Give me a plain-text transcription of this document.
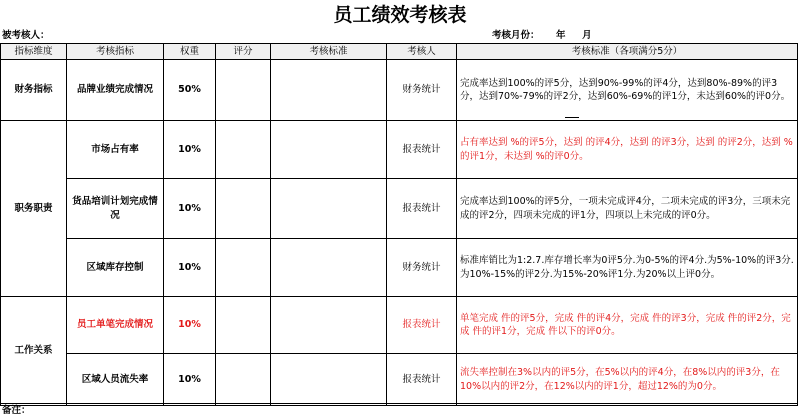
员工绩效考核表
被考核人：	考核月份：     年     月
指标维度	考核指标	权重	评分	考核标准	考核人	考核标准（各项满分5分）
财务指标	品牌业绩完成情况	50%			财务统计	完成率达到100%的评5分，达到90%-99%的评4分，达到80%-89%的评3分，达到70%-79%的评2分，达到60%-69%的评1分，未达到60%的评0分。
职务职责	市场占有率	10%			报表统计	占有率达到 %的评5分，达到 的评4分，达到 的评3分，达到 的评2分，达到 %的评1分，未达到 %的评0分。
	货品培训计划完成情况	10%			报表统计	完成率达到100%的评5分，一项未完成评4分，二项未完成的评3分，三项未完成的评2分，四项未完成的评1分，四项以上未完成的评0分。
	区域库存控制	10%			财务统计	标准库销比为1:2.7.库存增长率为0评5分.为0-5%的评4分.为5%-10%的评3分.为10%-15%的评2分.为15%-20%评1分.为20%以上评0分。
工作关系	员工单笔完成情况	10%			报表统计	单笔完成 件的评5分，完成 件的评4分，完成 件的评3分，完成 件的评2分，完成 件的评1分，完成 件以下的评0分。
	区域人员流失率	10%			报表统计	流失率控制在3%以内的评5分，在5%以内的评4分，在8%以内的评3分，在10%以内的评2分，在12%以内的评1分，超过12%的为0分。
备注：
